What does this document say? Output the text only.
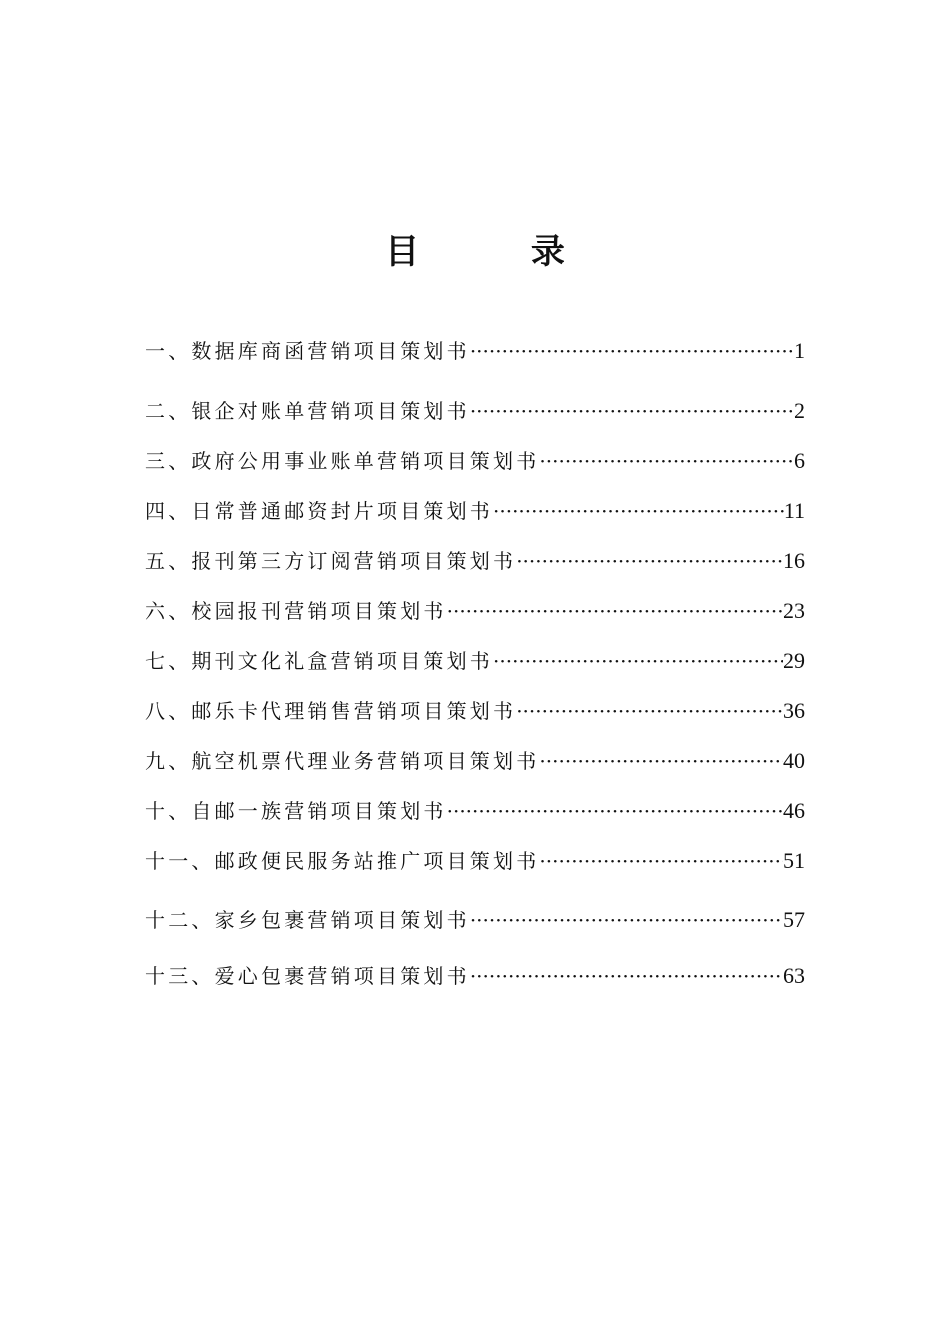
目 录
一、数据库商函营销项目策划书 ·····	1
二、银企对账单营销项目策划书 ·····	2
三、政府公用事业账单营销项目策划书 ·····	6
四、日常普通邮资封片项目策划书 ·····	11
五、报刊第三方订阅营销项目策划书 ·····	16
六、校园报刊营销项目策划书 ·····	23
七、期刊文化礼盒营销项目策划书 ·····	29
八、邮乐卡代理销售营销项目策划书 ·····	36
九、航空机票代理业务营销项目策划书 ·····	40
十、自邮一族营销项目策划书 ·····	46
十一、邮政便民服务站推广项目策划书 ·····	51
十二、家乡包裹营销项目策划书 ·····	57
十三、爱心包裹营销项目策划书 ·····	63
